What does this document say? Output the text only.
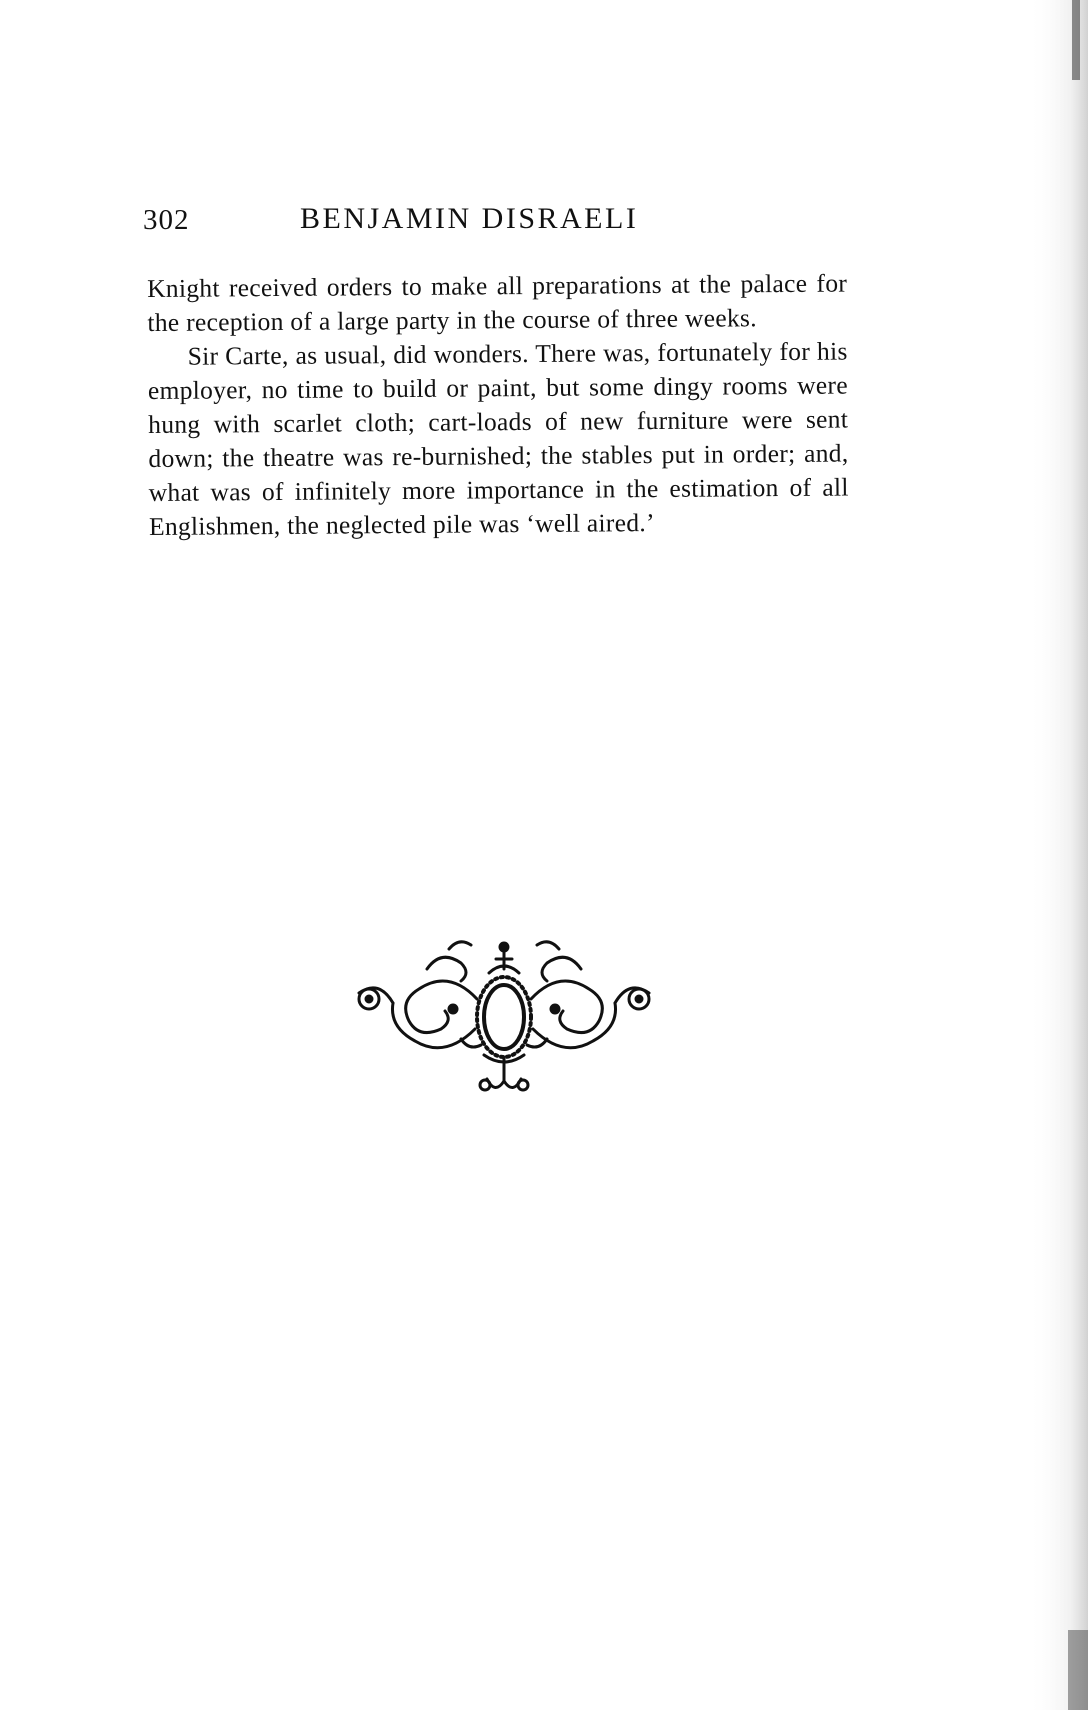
302	BENJAMIN DISRAELI

Knight received orders to make all preparations at the palace for the reception of a large party in the course of three weeks.

Sir Carte, as usual, did wonders. There was, fortunately for his employer, no time to build or paint, but some dingy rooms were hung with scarlet cloth; cart-loads of new furniture were sent down; the theatre was re-burnished; the stables put in order; and, what was of infinitely more importance in the estimation of all Englishmen, the neglected pile was ‘well aired.’
